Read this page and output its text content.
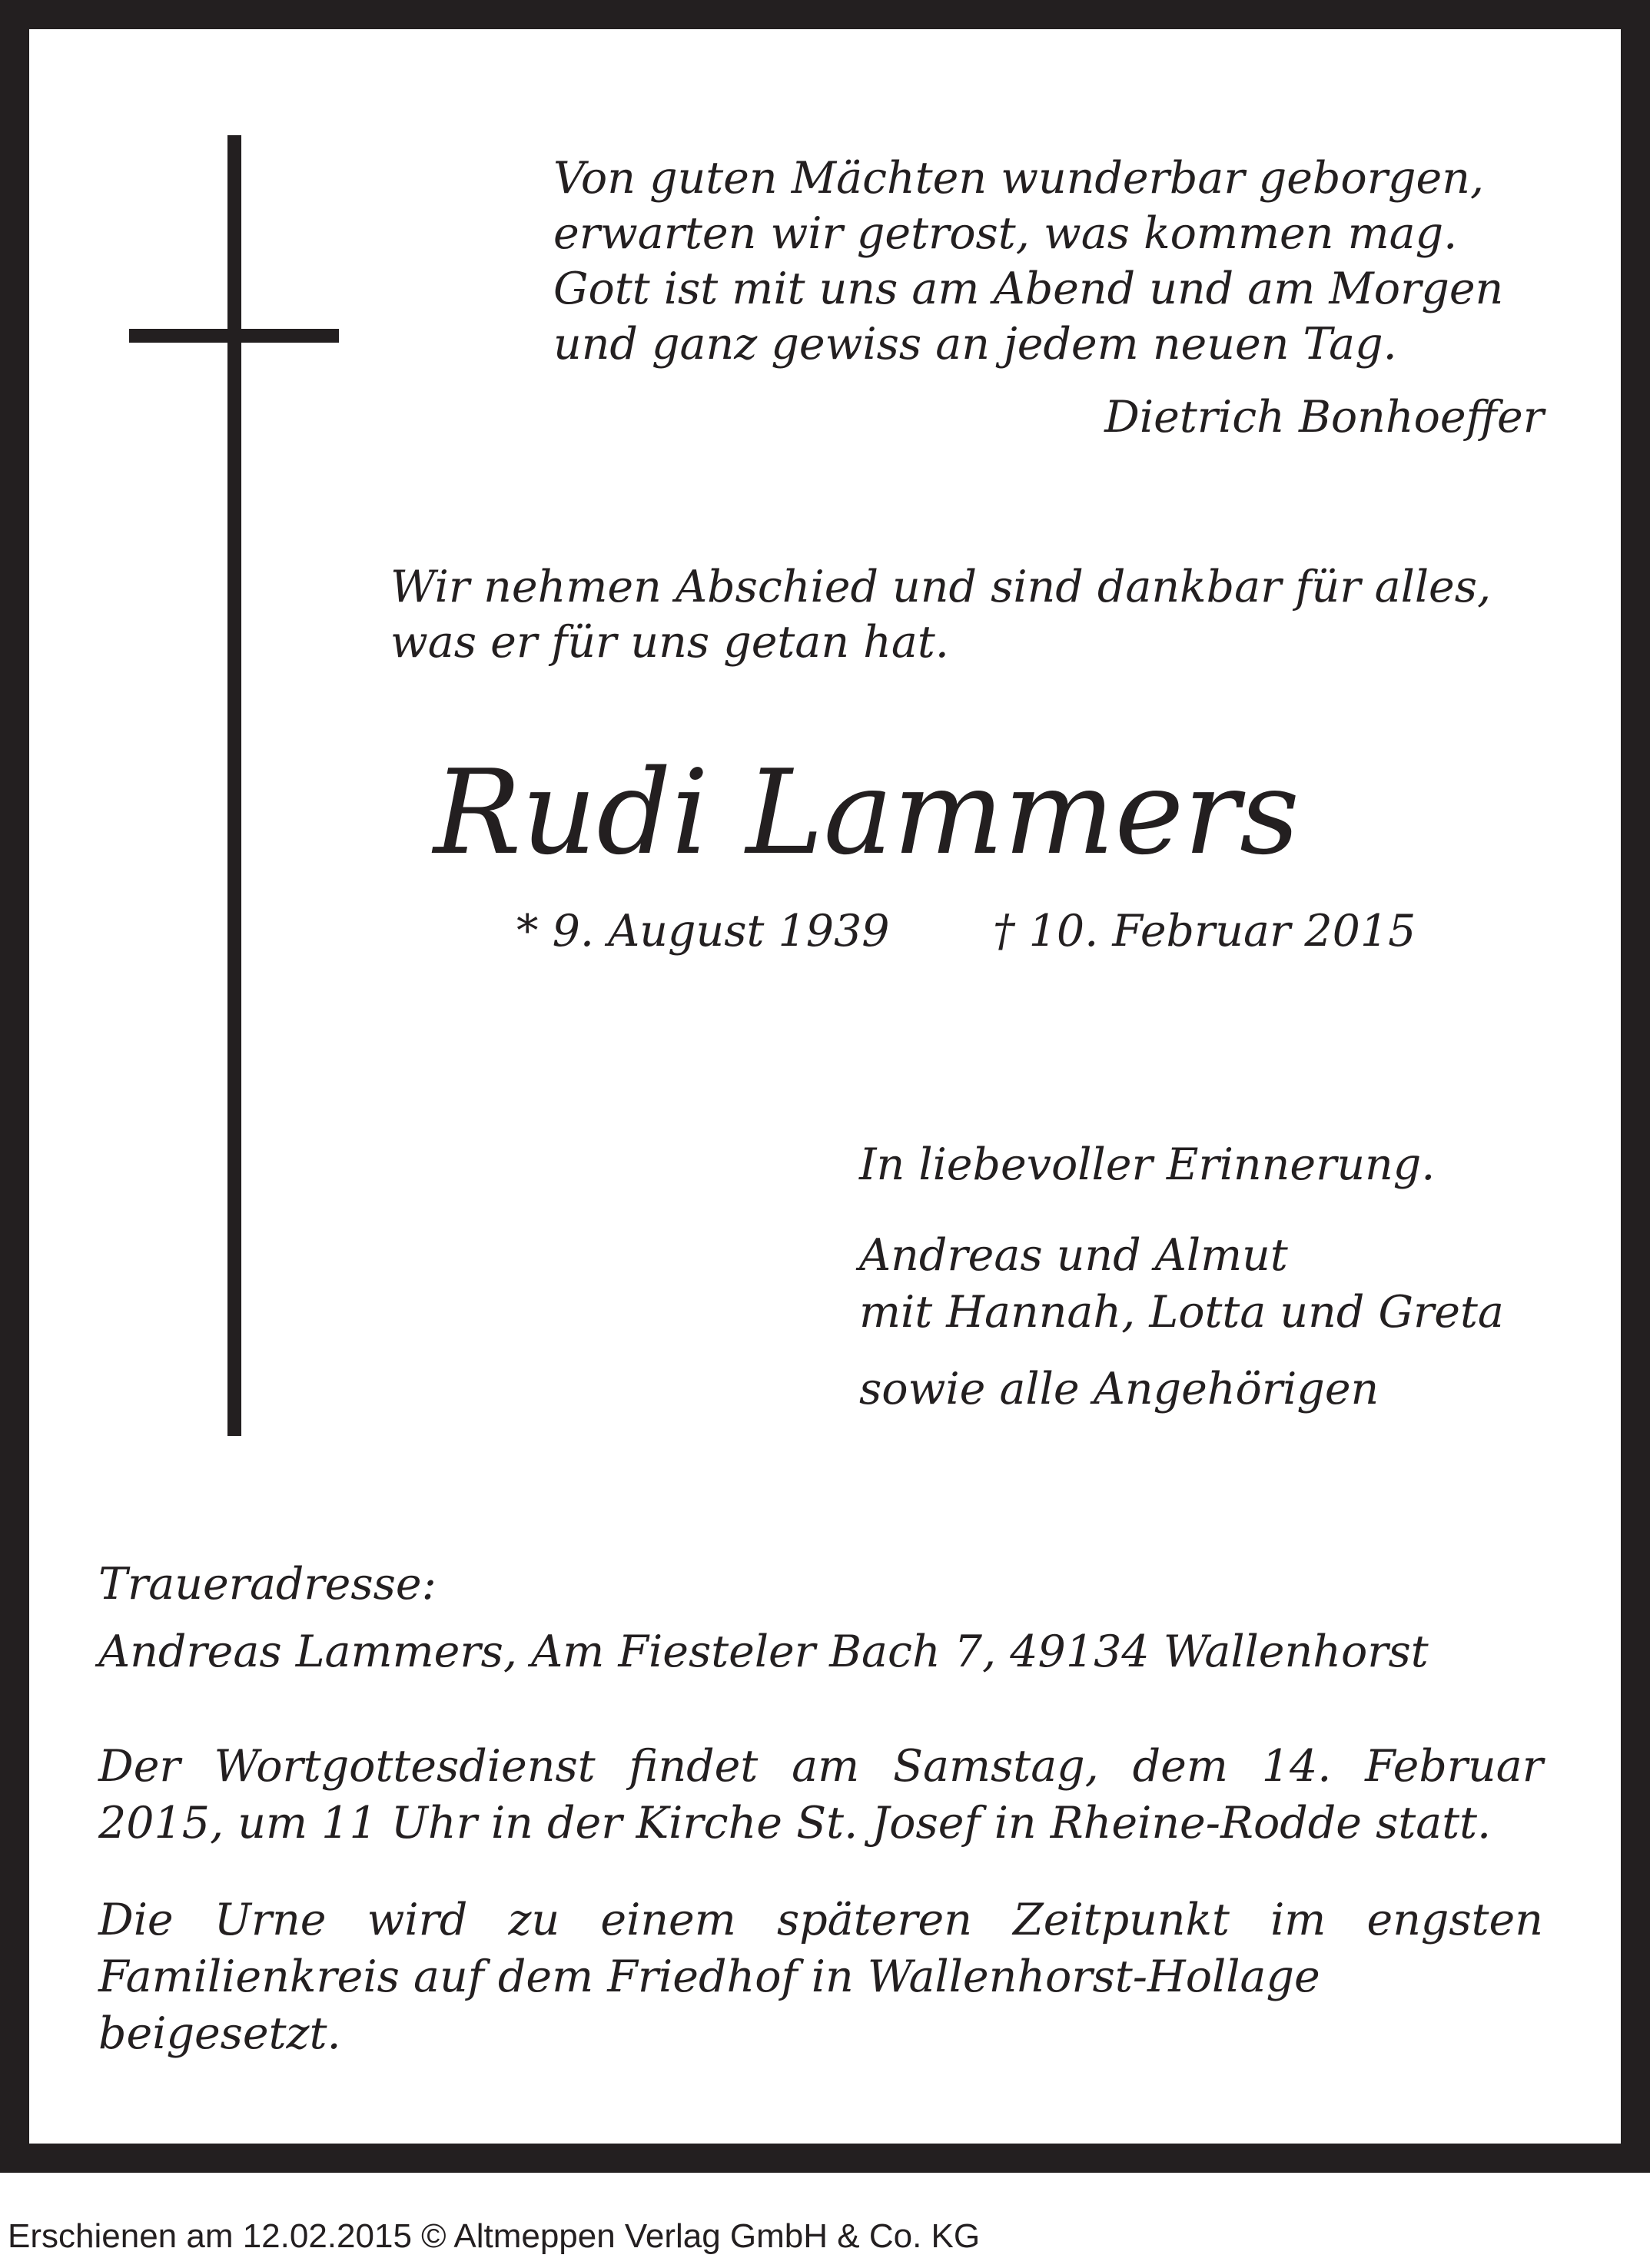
Von guten Mächten wunderbar geborgen,
erwarten wir getrost, was kommen mag.
Gott ist mit uns am Abend und am Morgen
und ganz gewiss an jedem neuen Tag.
Dietrich Bonhoeffer
Wir nehmen Abschied und sind dankbar für alles,
was er für uns getan hat.
Rudi Lammers
* 9. August 1939 † 10. Februar 2015
In liebevoller Erinnerung.
Andreas und Almut
mit Hannah, Lotta und Greta
sowie alle Angehörigen
Traueradresse:
Andreas Lammers, Am Fiesteler Bach 7, 49134 Wallenhorst
Der Wortgottesdienst findet am Samstag, dem 14. Februar
2015, um 11 Uhr in der Kirche St. Josef in Rheine-Rodde statt.
Die Urne wird zu einem späteren Zeitpunkt im engsten
Familienkreis auf dem Friedhof in Wallenhorst-Hollage beigesetzt.
Erschienen am 12.02.2015 © Altmeppen Verlag GmbH & Co. KG
